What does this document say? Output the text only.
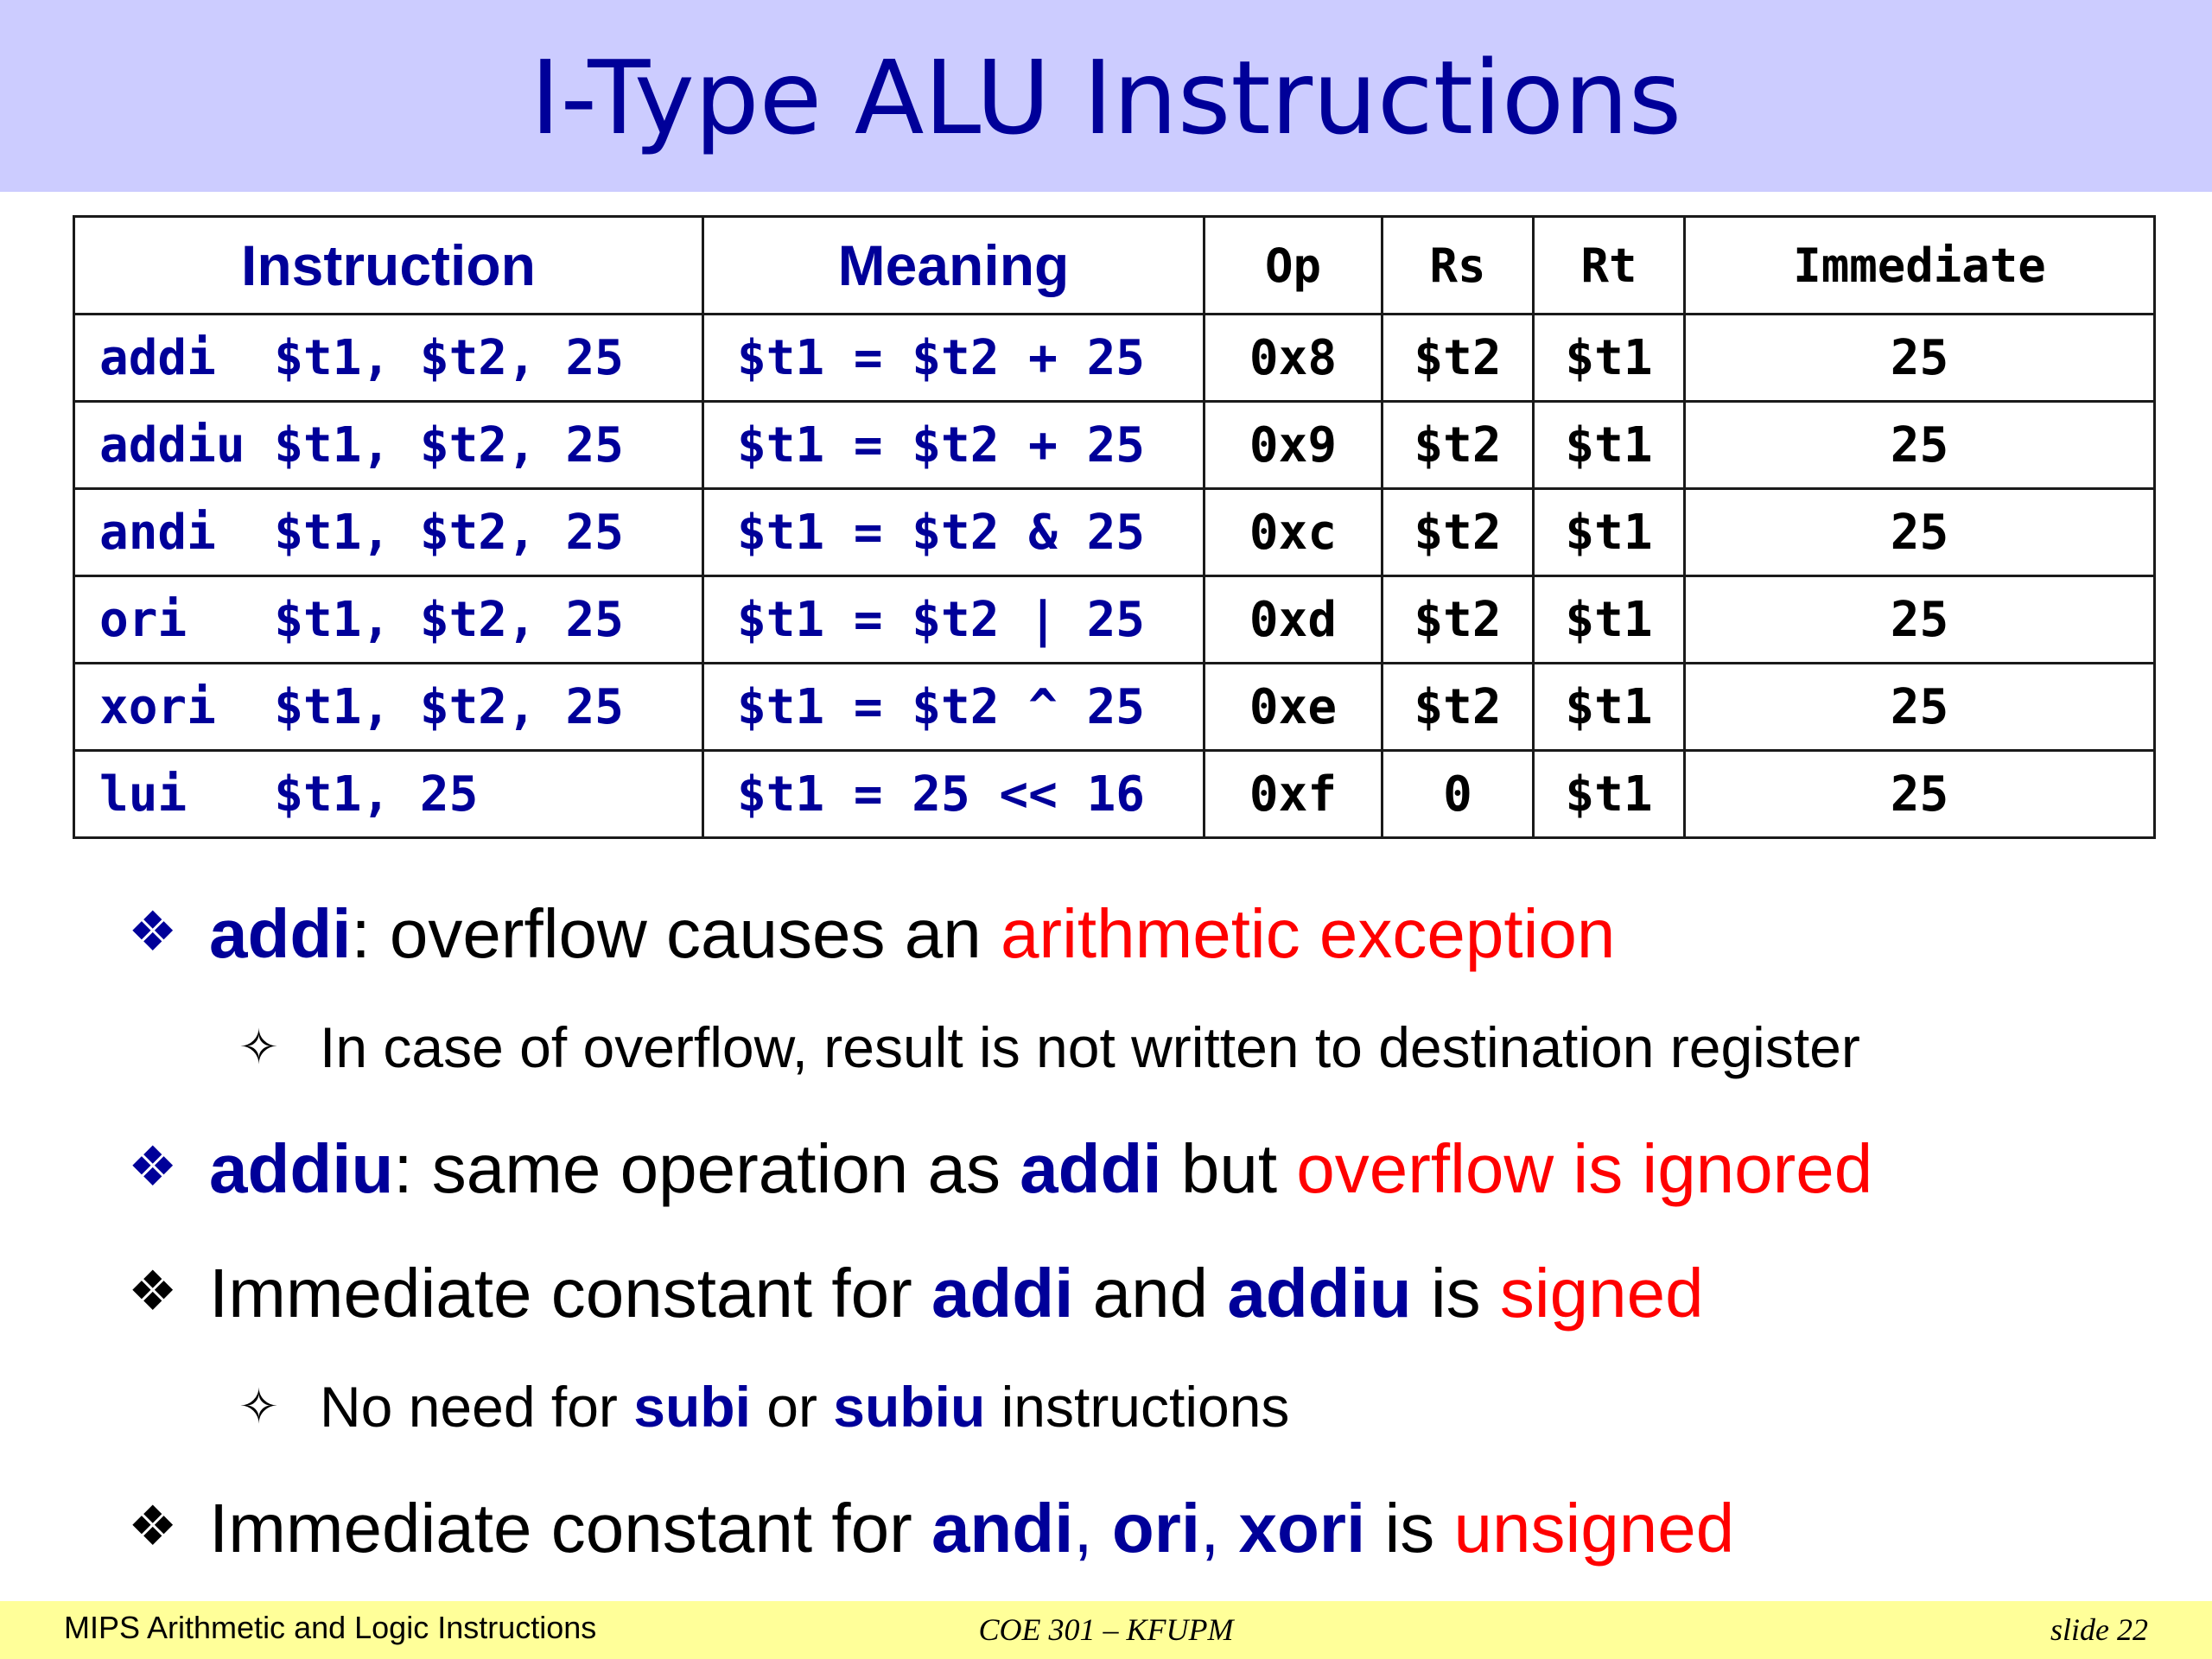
I-Type ALU Instructions
Instruction	Meaning	Op	Rs	Rt	Immediate
addi  $t1, $t2, 25	$t1 = $t2 + 25	0x8	$t2	$t1	25
addiu $t1, $t2, 25	$t1 = $t2 + 25	0x9	$t2	$t1	25
andi  $t1, $t2, 25	$t1 = $t2 & 25	0xc	$t2	$t1	25
ori   $t1, $t2, 25	$t1 = $t2 | 25	0xd	$t2	$t1	25
xori  $t1, $t2, 25	$t1 = $t2 ^ 25	0xe	$t2	$t1	25
lui   $t1, 25	$t1 = 25 << 16	0xf	0	$t1	25
❖ addi: overflow causes an arithmetic exception
✧ In case of overflow, result is not written to destination register
❖ addiu: same operation as addi but overflow is ignored
❖ Immediate constant for addi and addiu is signed
✧ No need for subi or subiu instructions
❖ Immediate constant for andi, ori, xori is unsigned
MIPS Arithmetic and Logic Instructions	COE 301 – KFUPM	slide 22
